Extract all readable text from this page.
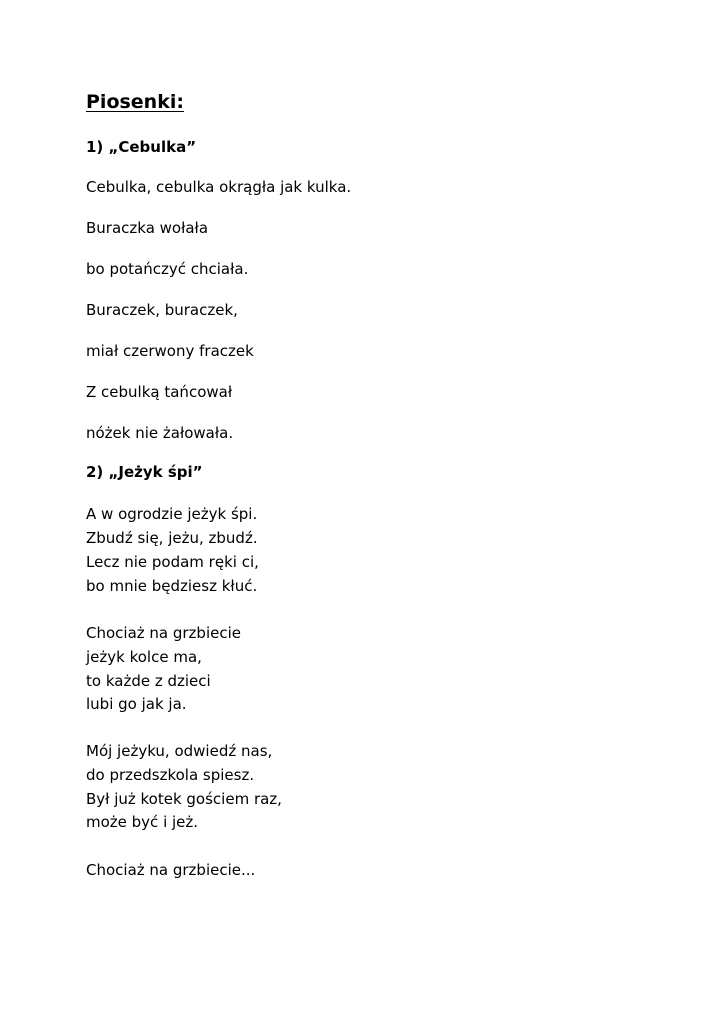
Piosenki:
1) „Cebulka”
Cebulka, cebulka okrągła jak kulka.
Buraczka wołała
bo potańczyć chciała.
Buraczek, buraczek,
miał czerwony fraczek
Z cebulką tańcował
nóżek nie żałowała.
2) „Jeżyk śpi”
A w ogrodzie jeżyk śpi.
Zbudź się, jeżu, zbudź.
Lecz nie podam ręki ci,
bo mnie będziesz kłuć.
Chociaż na grzbiecie
jeżyk kolce ma,
to każde z dzieci
lubi go jak ja.
Mój jeżyku, odwiedź nas,
do przedszkola spiesz.
Był już kotek gościem raz,
może być i jeż.
Chociaż na grzbiecie...
